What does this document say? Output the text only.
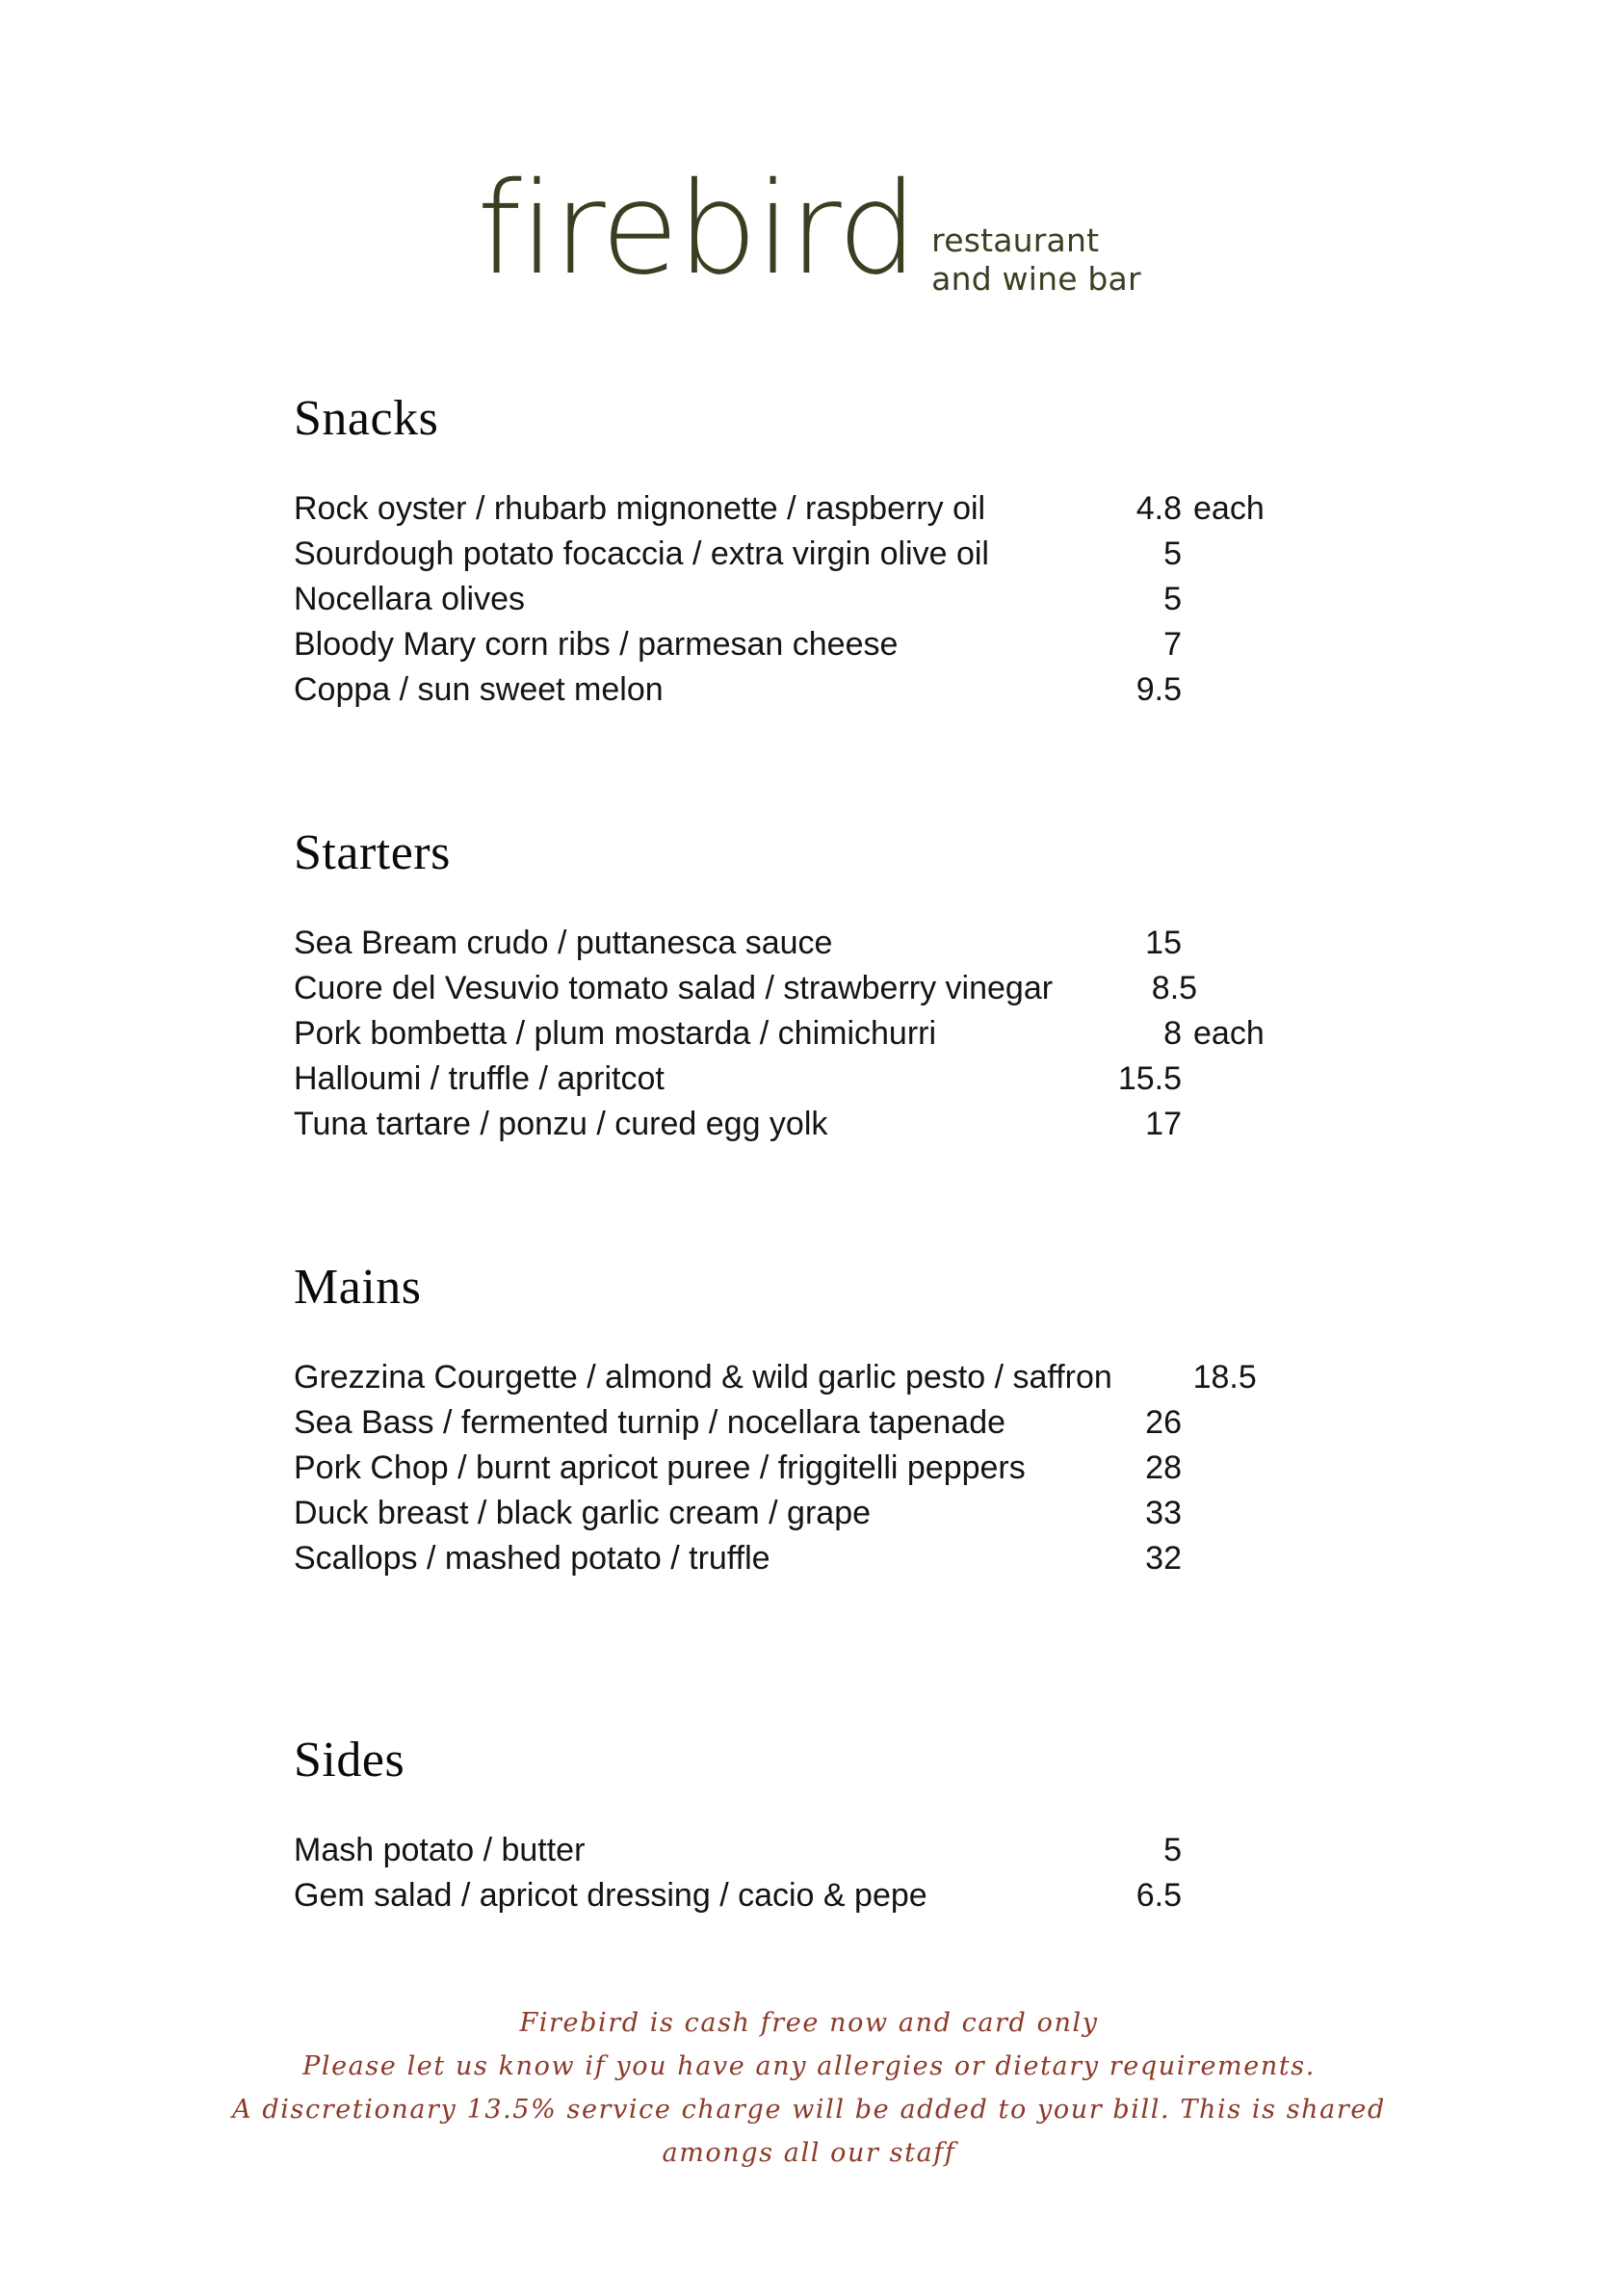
firebird restaurant
and wine bar
Snacks
Rock oyster / rhubarb mignonette / raspberry oil	4.8 each
Sourdough potato focaccia / extra virgin olive oil	5
Nocellara olives	5
Bloody Mary corn ribs / parmesan cheese	7
Coppa / sun sweet melon	9.5
Starters
Sea Bream crudo / puttanesca sauce	15
Cuore del Vesuvio tomato salad / strawberry vinegar	8.5
Pork bombetta / plum mostarda / chimichurri	8 each
Halloumi / truffle / apritcot	15.5
Tuna tartare / ponzu / cured egg yolk	17
Mains
Grezzina Courgette / almond & wild garlic pesto / saffron	18.5
Sea Bass / fermented turnip / nocellara tapenade	26
Pork Chop / burnt apricot puree / friggitelli peppers	28
Duck breast / black garlic cream / grape	33
Scallops / mashed potato / truffle	32
Sides
Mash potato / butter	5
Gem salad / apricot dressing / cacio & pepe	6.5
Firebird is cash free now and card only
Please let us know if you have any allergies or dietary requirements.
A discretionary 13.5% service charge will be added to your bill. This is shared
amongs all our staff
